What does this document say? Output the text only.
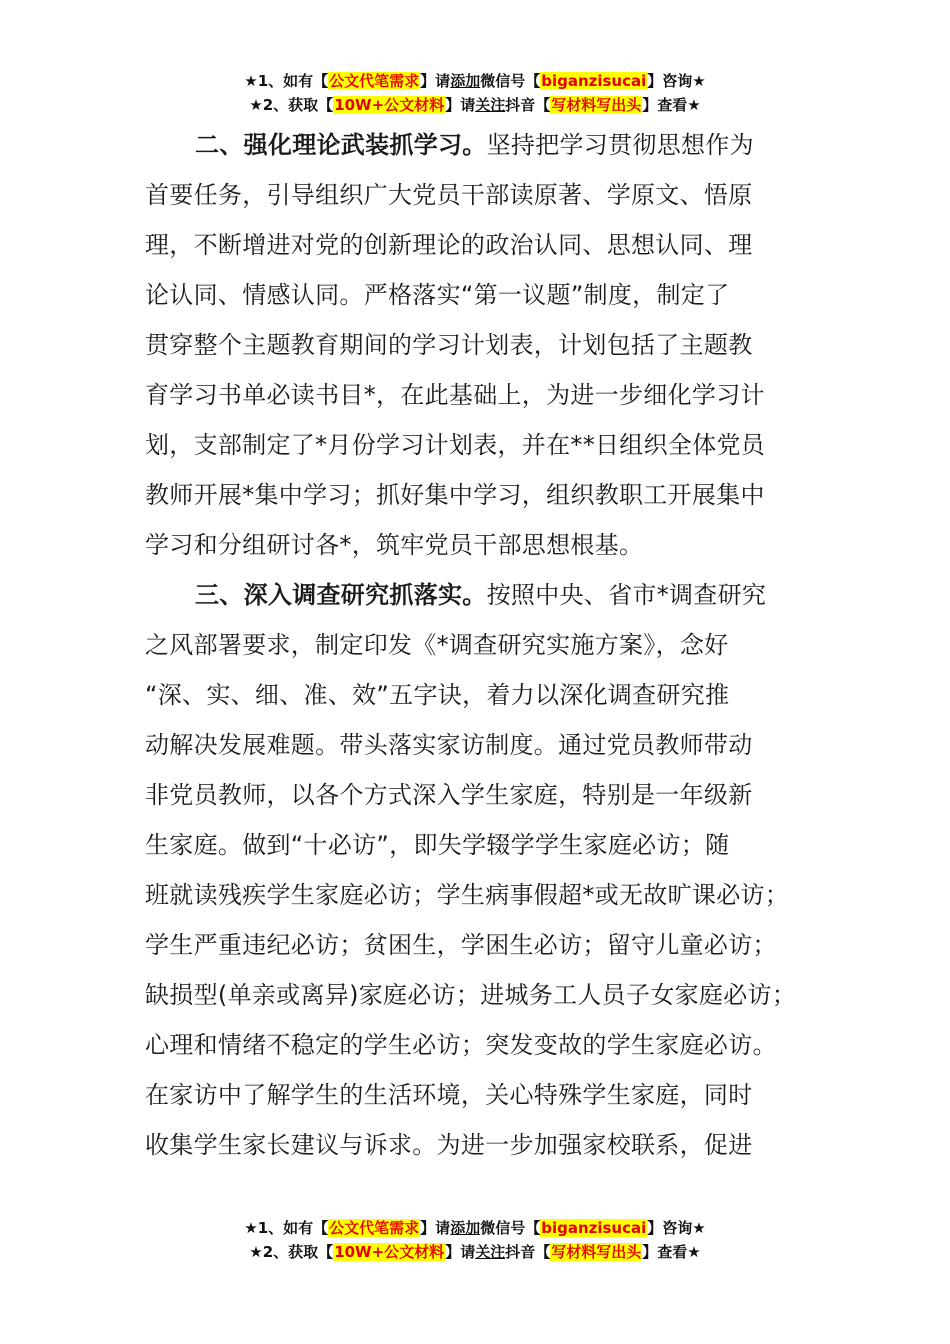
★1、如有【公文代笔需求】请添加微信号【biganzisucai】咨询★
★2、获取【10W+公文材料】请关注抖音【写材料写出头】查看★

二、强化理论武装抓学习。坚持把学习贯彻思想作为
首要任务，引导组织广大党员干部读原著、学原文、悟原
理，不断增进对党的创新理论的政治认同、思想认同、理
论认同、情感认同。严格落实“第一议题”制度，制定了
贯穿整个主题教育期间的学习计划表，计划包括了主题教
育学习书单必读书目*，在此基础上，为进一步细化学习计
划，支部制定了*月份学习计划表，并在**日组织全体党员
教师开展*集中学习；抓好集中学习，组织教职工开展集中
学习和分组研讨各*，筑牢党员干部思想根基。

三、深入调查研究抓落实。按照中央、省市*调查研究
之风部署要求，制定印发《*调查研究实施方案》，念好
“深、实、细、准、效”五字诀，着力以深化调查研究推
动解决发展难题。带头落实家访制度。通过党员教师带动
非党员教师，以各个方式深入学生家庭，特别是一年级新
生家庭。做到“十必访”，即失学辍学学生家庭必访；随
班就读残疾学生家庭必访；学生病事假超*或无故旷课必访；
学生严重违纪必访；贫困生，学困生必访；留守儿童必访；
缺损型(单亲或离异)家庭必访；进城务工人员子女家庭必访；
心理和情绪不稳定的学生必访；突发变故的学生家庭必访。
在家访中了解学生的生活环境，关心特殊学生家庭，同时
收集学生家长建议与诉求。为进一步加强家校联系，促进

★1、如有【公文代笔需求】请添加微信号【biganzisucai】咨询★
★2、获取【10W+公文材料】请关注抖音【写材料写出头】查看★
